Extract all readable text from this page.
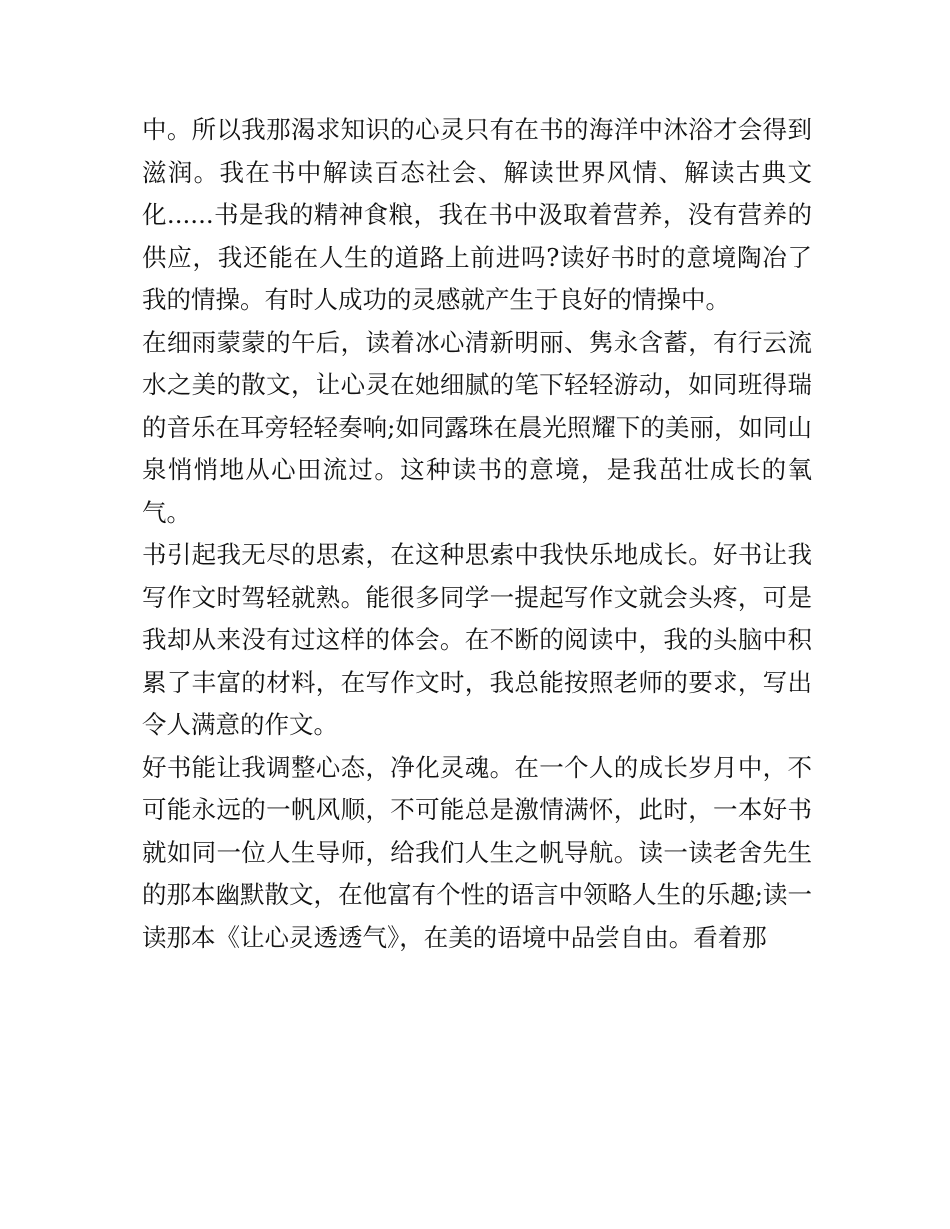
中。所以我那渴求知识的心灵只有在书的海洋中沐浴才会得到滋润。我在书中解读百态社会、解读世界风情、解读古典文化......书是我的精神食粮，我在书中汲取着营养，没有营养的供应，我还能在人生的道路上前进吗?读好书时的意境陶冶了我的情操。有时人成功的灵感就产生于良好的情操中。

在细雨蒙蒙的午后，读着冰心清新明丽、隽永含蓄，有行云流水之美的散文，让心灵在她细腻的笔下轻轻游动，如同班得瑞的音乐在耳旁轻轻奏响;如同露珠在晨光照耀下的美丽，如同山泉悄悄地从心田流过。这种读书的意境，是我茁壮成长的氧气。

书引起我无尽的思索，在这种思索中我快乐地成长。好书让我写作文时驾轻就熟。能很多同学一提起写作文就会头疼，可是我却从来没有过这样的体会。在不断的阅读中，我的头脑中积累了丰富的材料，在写作文时，我总能按照老师的要求，写出令人满意的作文。

好书能让我调整心态，净化灵魂。在一个人的成长岁月中，不可能永远的一帆风顺，不可能总是激情满怀，此时，一本好书就如同一位人生导师，给我们人生之帆导航。读一读老舍先生的那本幽默散文，在他富有个性的语言中领略人生的乐趣;读一读那本《让心灵透透气》，在美的语境中品尝自由。看着那
